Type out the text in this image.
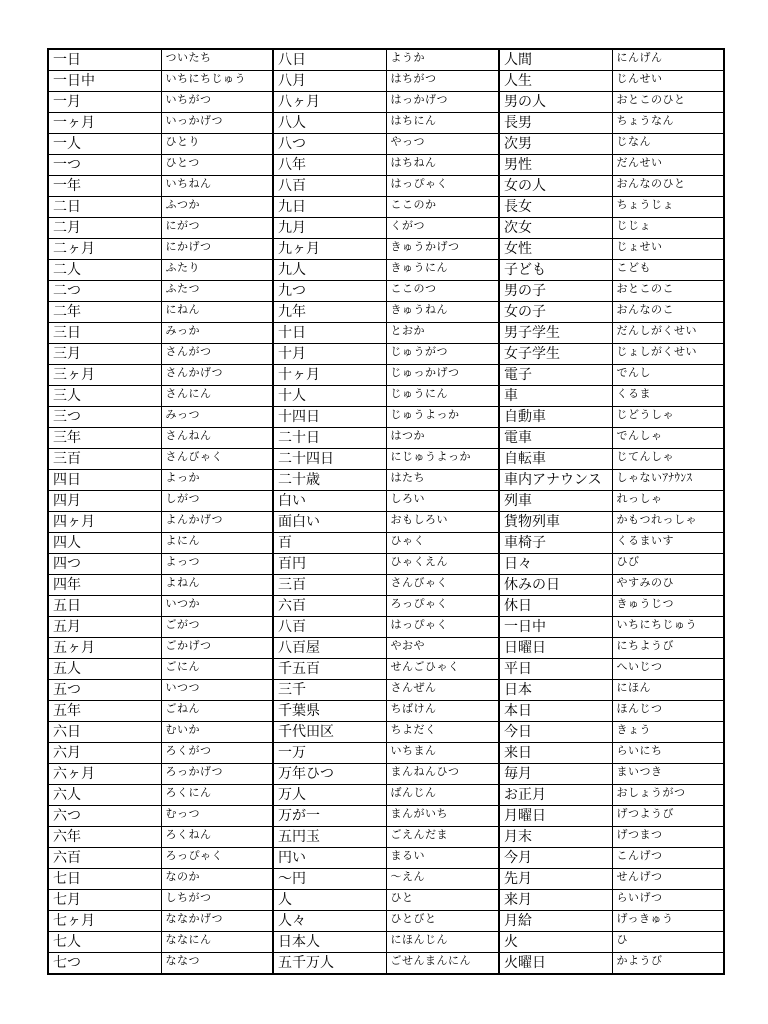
一日	ついたち	八日	ようか	人間	にんげん
一日中	いちにちじゅう	八月	はちがつ	人生	じんせい
一月	いちがつ	八ヶ月	はっかげつ	男の人	おとこのひと
一ヶ月	いっかげつ	八人	はちにん	長男	ちょうなん
一人	ひとり	八つ	やっつ	次男	じなん
一つ	ひとつ	八年	はちねん	男性	だんせい
一年	いちねん	八百	はっぴゃく	女の人	おんなのひと
二日	ふつか	九日	ここのか	長女	ちょうじょ
二月	にがつ	九月	くがつ	次女	じじょ
二ヶ月	にかげつ	九ヶ月	きゅうかげつ	女性	じょせい
二人	ふたり	九人	きゅうにん	子ども	こども
二つ	ふたつ	九つ	ここのつ	男の子	おとこのこ
二年	にねん	九年	きゅうねん	女の子	おんなのこ
三日	みっか	十日	とおか	男子学生	だんしがくせい
三月	さんがつ	十月	じゅうがつ	女子学生	じょしがくせい
三ヶ月	さんかげつ	十ヶ月	じゅっかげつ	電子	でんし
三人	さんにん	十人	じゅうにん	車	くるま
三つ	みっつ	十四日	じゅうよっか	自動車	じどうしゃ
三年	さんねん	二十日	はつか	電車	でんしゃ
三百	さんびゃく	二十四日	にじゅうよっか	自転車	じてんしゃ
四日	よっか	二十歳	はたち	車内アナウンス	しゃないｱﾅｳﾝｽ
四月	しがつ	白い	しろい	列車	れっしゃ
四ヶ月	よんかげつ	面白い	おもしろい	貨物列車	かもつれっしゃ
四人	よにん	百	ひゃく	車椅子	くるまいす
四つ	よっつ	百円	ひゃくえん	日々	ひび
四年	よねん	三百	さんびゃく	休みの日	やすみのひ
五日	いつか	六百	ろっぴゃく	休日	きゅうじつ
五月	ごがつ	八百	はっぴゃく	一日中	いちにちじゅう
五ヶ月	ごかげつ	八百屋	やおや	日曜日	にちようび
五人	ごにん	千五百	せんごひゃく	平日	へいじつ
五つ	いつつ	三千	さんぜん	日本	にほん
五年	ごねん	千葉県	ちばけん	本日	ほんじつ
六日	むいか	千代田区	ちよだく	今日	きょう
六月	ろくがつ	一万	いちまん	来日	らいにち
六ヶ月	ろっかげつ	万年ひつ	まんねんひつ	毎月	まいつき
六人	ろくにん	万人	ばんじん	お正月	おしょうがつ
六つ	むっつ	万が一	まんがいち	月曜日	げつようび
六年	ろくねん	五円玉	ごえんだま	月末	げつまつ
六百	ろっぴゃく	円い	まるい	今月	こんげつ
七日	なのか	～円	～えん	先月	せんげつ
七月	しちがつ	人	ひと	来月	らいげつ
七ヶ月	ななかげつ	人々	ひとびと	月給	げっきゅう
七人	ななにん	日本人	にほんじん	火	ひ
七つ	ななつ	五千万人	ごせんまんにん	火曜日	かようび
